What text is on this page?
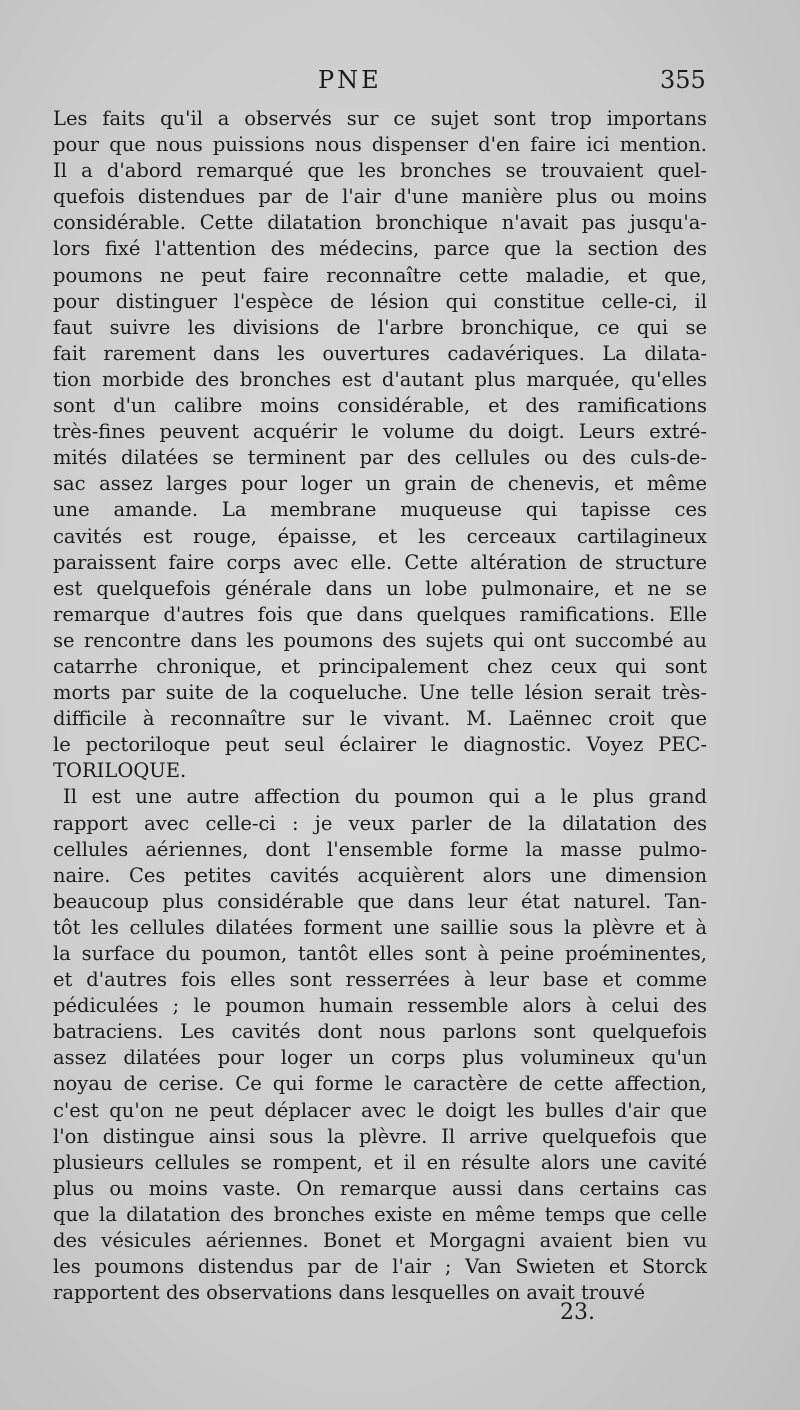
PNE	355
Les faits qu'il a observés sur ce sujet sont trop importans
pour que nous puissions nous dispenser d'en faire ici mention.
Il a d'abord remarqué que les bronches se trouvaient quel-
quefois distendues par de l'air d'une manière plus ou moins
considérable. Cette dilatation bronchique n'avait pas jusqu'a-
lors fixé l'attention des médecins, parce que la section des
poumons ne peut faire reconnaître cette maladie, et que,
pour distinguer l'espèce de lésion qui constitue celle-ci, il
faut suivre les divisions de l'arbre bronchique, ce qui se
fait rarement dans les ouvertures cadavériques. La dilata-
tion morbide des bronches est d'autant plus marquée, qu'elles
sont d'un calibre moins considérable, et des ramifications
très-fines peuvent acquérir le volume du doigt. Leurs extré-
mités dilatées se terminent par des cellules ou des culs-de-
sac assez larges pour loger un grain de chenevis, et même
une amande. La membrane muqueuse qui tapisse ces
cavités est rouge, épaisse, et les cerceaux cartilagineux
paraissent faire corps avec elle. Cette altération de structure
est quelquefois générale dans un lobe pulmonaire, et ne se
remarque d'autres fois que dans quelques ramifications. Elle
se rencontre dans les poumons des sujets qui ont succombé au
catarrhe chronique, et principalement chez ceux qui sont
morts par suite de la coqueluche. Une telle lésion serait très-
difficile à reconnaître sur le vivant. M. Laënnec croit que
le pectoriloque peut seul éclairer le diagnostic. Voyez PEC-
TORILOQUE.
Il est une autre affection du poumon qui a le plus grand
rapport avec celle-ci : je veux parler de la dilatation des
cellules aériennes, dont l'ensemble forme la masse pulmo-
naire. Ces petites cavités acquièrent alors une dimension
beaucoup plus considérable que dans leur état naturel. Tan-
tôt les cellules dilatées forment une saillie sous la plèvre et à
la surface du poumon, tantôt elles sont à peine proéminentes,
et d'autres fois elles sont resserrées à leur base et comme
pédiculées ; le poumon humain ressemble alors à celui des
batraciens. Les cavités dont nous parlons sont quelquefois
assez dilatées pour loger un corps plus volumineux qu'un
noyau de cerise. Ce qui forme le caractère de cette affection,
c'est qu'on ne peut déplacer avec le doigt les bulles d'air que
l'on distingue ainsi sous la plèvre. Il arrive quelquefois que
plusieurs cellules se rompent, et il en résulte alors une cavité
plus ou moins vaste. On remarque aussi dans certains cas
que la dilatation des bronches existe en même temps que celle
des vésicules aériennes. Bonet et Morgagni avaient bien vu
les poumons distendus par de l'air ; Van Swieten et Storck
rapportent des observations dans lesquelles on avait trouvé
23.
